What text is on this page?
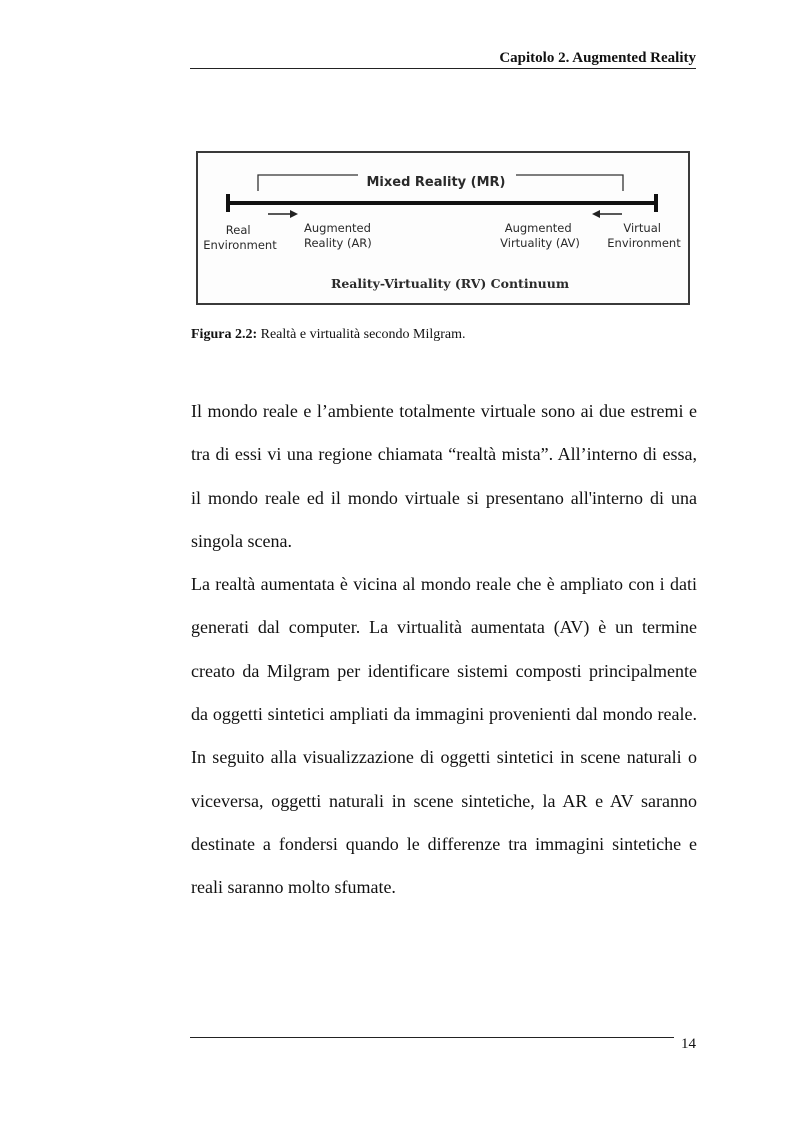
Capitolo 2. Augmented Reality
Mixed Reality (MR)
Real Environment
Augmented Reality (AR)
Augmented Virtuality (AV)
Virtual Environment
Reality-Virtuality (RV) Continuum
Figura 2.2: Realtà e virtualità secondo Milgram.

Il mondo reale e l’ambiente totalmente virtuale sono ai due estremi e tra di essi vi una regione chiamata “realtà mista”. All’interno di essa, il mondo reale ed il mondo virtuale si presentano all'interno di una singola scena.

La realtà aumentata è vicina al mondo reale che è ampliato con i dati generati dal computer. La virtualità aumentata (AV) è un termine creato da Milgram per identificare sistemi composti principalmente da oggetti sintetici ampliati da immagini provenienti dal mondo reale. In seguito alla visualizzazione di oggetti sintetici in scene naturali o viceversa, oggetti naturali in scene sintetiche, la AR e AV saranno destinate a fondersi quando le differenze tra immagini sintetiche e reali saranno molto sfumate.

14
